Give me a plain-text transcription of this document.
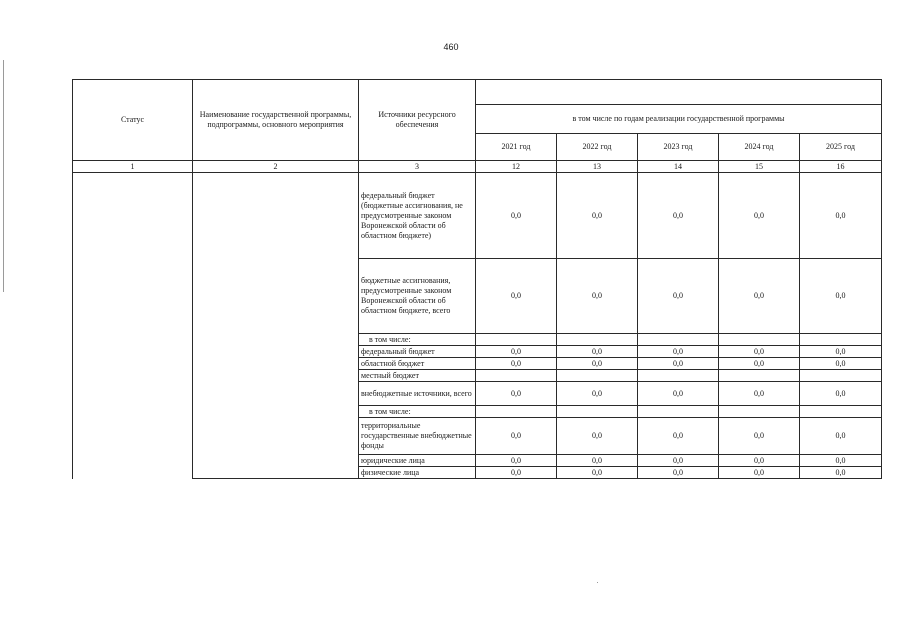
460
Статус	Наименование государственной программы, подпрограммы, основного мероприятия	Источники ресурсного обеспечения					
			в том числе по годам реализации государственной программы				
			2021 год	2022 год	2023 год	2024 год	2025 год
1	2	3	12	13	14	15	16
		федеральный бюджет (бюджетные ассигнования, не предусмотренные законом Воронежской области об областном бюджете)	0,0	0,0	0,0	0,0	0,0
		бюджетные ассигнования, предусмотренные законом Воронежской области об областном бюджете, всего	0,0	0,0	0,0	0,0	0,0
		в том числе:					
		федеральный бюджет	0,0	0,0	0,0	0,0	0,0
		областной бюджет	0,0	0,0	0,0	0,0	0,0
		местный бюджет					
		внебюджетные источники, всего	0,0	0,0	0,0	0,0	0,0
		в том числе:					
		территориальные государственные внебюджетные фонды	0,0	0,0	0,0	0,0	0,0
		юридические лица	0,0	0,0	0,0	0,0	0,0
		физические лица	0,0	0,0	0,0	0,0	0,0
